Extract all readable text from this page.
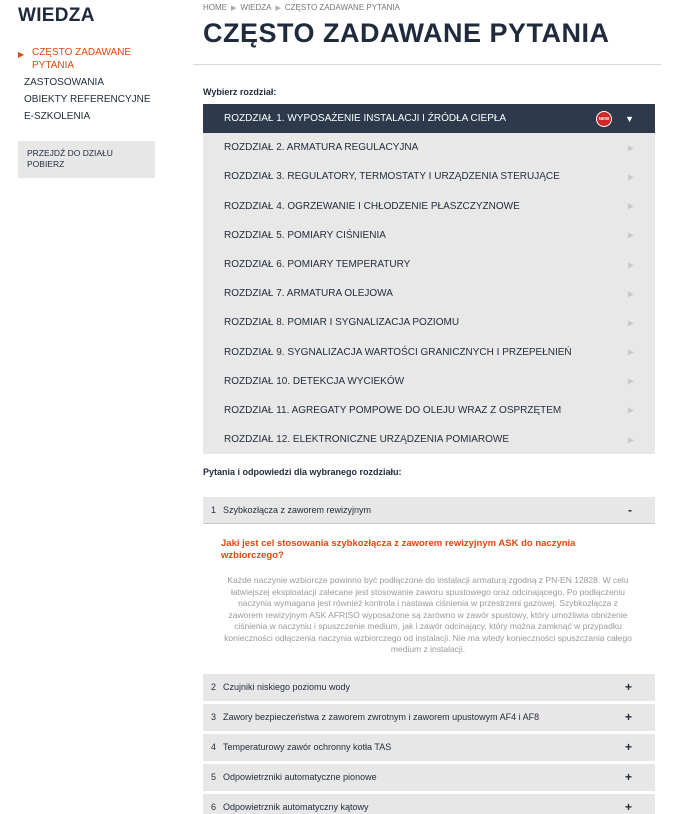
WIEDZA
▶ CZĘSTO ZADAWANE PYTANIA
ZASTOSOWANIA
OBIEKTY REFERENCYJNE
E-SZKOLENIA
PRZEJDŹ DO DZIAŁU POBIERZ
HOME ▶ WIEDZA ▶ CZĘSTO ZADAWANE PYTANIA
CZĘSTO ZADAWANE PYTANIA
Wybierz rozdział:
ROZDZIAŁ 1. WYPOSAŻENIE INSTALACJI I ŹRÓDŁA CIEPŁA	NEW	▼
ROZDZIAŁ 2. ARMATURA REGULACYJNA	▶
ROZDZIAŁ 3. REGULATORY, TERMOSTATY I URZĄDZENIA STERUJĄCE	▶
ROZDZIAŁ 4. OGRZEWANIE I CHŁODZENIE PŁASZCZYZNOWE	▶
ROZDZIAŁ 5. POMIARY CIŚNIENIA	▶
ROZDZIAŁ 6. POMIARY TEMPERATURY	▶
ROZDZIAŁ 7. ARMATURA OLEJOWA	▶
ROZDZIAŁ 8. POMIAR I SYGNALIZACJA POZIOMU	▶
ROZDZIAŁ 9. SYGNALIZACJA WARTOŚCI GRANICZNYCH I PRZEPEŁNIEŃ	▶
ROZDZIAŁ 10. DETEKCJA WYCIEKÓW	▶
ROZDZIAŁ 11. AGREGATY POMPOWE DO OLEJU WRAZ Z OSPRZĘTEM	▶
ROZDZIAŁ 12. ELEKTRONICZNE URZĄDZENIA POMIAROWE	▶
Pytania i odpowiedzi dla wybranego rozdziału:
1 Szybkozłącza z zaworem rewizyjnym	-
Jaki jest cel stosowania szybkozłącza z zaworem rewizyjnym ASK do naczynia wzbiorczego?
Każde naczynie wzbiorcze powinno być podłączone do instalacji armaturą zgodną z PN-EN 12828. W celu łatwiejszej eksploatacji zalecane jest stosowanie zaworu spustowego oraz odcinającego. Po podłączeniu naczynia wymagana jest również kontrola i nastawa ciśnienia w przestrzeni gazowej. Szybkozłącza z zaworem rewizyjnym ASK AFRISO wyposażone są zarówno w zawór spustowy, który umożliwia obniżenie ciśnienia w naczyniu i spuszczenie medium, jak i zawór odcinający, który można zamknąć w przypadku konieczności odłączenia naczynia wzbiorczego od instalacji. Nie ma wtedy konieczności spuszczania całego medium z instalacji.
2 Czujniki niskiego poziomu wody	+
3 Zawory bezpieczeństwa z zaworem zwrotnym i zaworem upustowym AF4 i AF8	+
4 Temperaturowy zawór ochronny kotła TAS	+
5 Odpowietrzniki automatyczne pionowe	+
6 Odpowietrznik automatyczny kątowy	+
